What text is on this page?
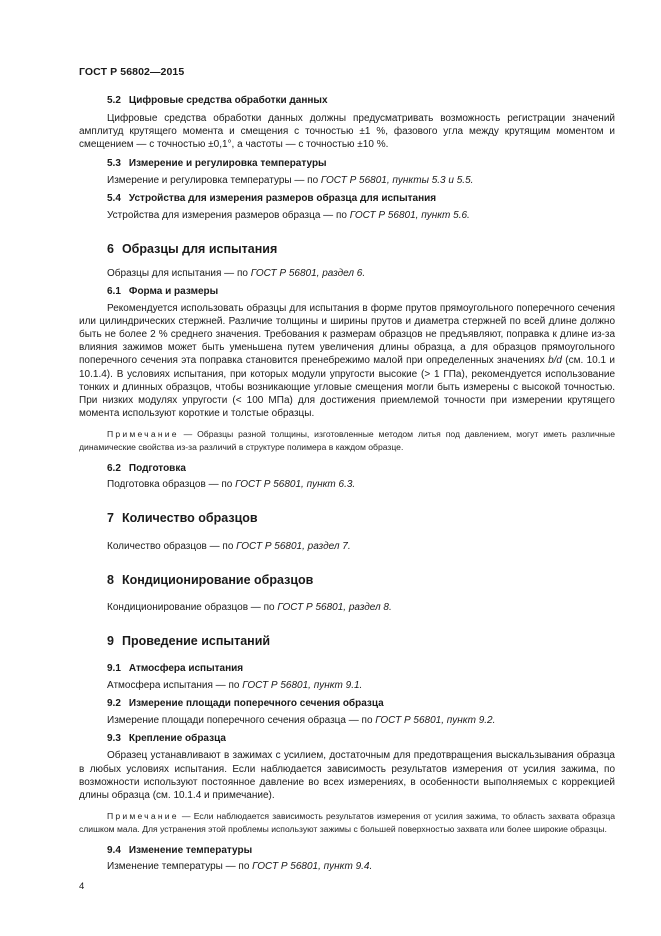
ГОСТ Р 56802—2015
5.2 Цифровые средства обработки данных

Цифровые средства обработки данных должны предусматривать возможность регистрации значений амплитуд крутящего момента и смещения с точностью ±1 %, фазового угла между крутящим моментом и смещением — с точностью ±0,1°, а частоты — с точностью ±10 %.

5.3 Измерение и регулировка температуры

Измерение и регулировка температуры — по ГОСТ Р 56801, пункты 5.3 и 5.5.

5.4 Устройства для измерения размеров образца для испытания

Устройства для измерения размеров образца — по ГОСТ Р 56801, пункт 5.6.

6 Образцы для испытания

Образцы для испытания — по ГОСТ Р 56801, раздел 6.

6.1 Форма и размеры

Рекомендуется использовать образцы для испытания в форме прутов прямоугольного поперечного сечения или цилиндрических стержней. Различие толщины и ширины прутов и диаметра стержней по всей длине должно быть не более 2 % среднего значения. Требования к размерам образцов не предъявляют, поправка к длине из-за влияния зажимов может быть уменьшена путем увеличения длины образца, а для образцов прямоугольного поперечного сечения эта поправка становится пренебрежимо малой при определенных значениях b/d (см. 10.1 и 10.1.4). В условиях испытания, при которых модули упругости высокие (> 1 ГПа), рекомендуется использование тонких и длинных образцов, чтобы возникающие угловые смещения могли быть измерены с высокой точностью. При низких модулях упругости (< 100 МПа) для достижения приемлемой точности при измерении крутящего момента используют короткие и толстые образцы.

Примечание — Образцы разной толщины, изготовленные методом литья под давлением, могут иметь различные динамические свойства из-за различий в структуре полимера в каждом образце.

6.2 Подготовка

Подготовка образцов — по ГОСТ Р 56801, пункт 6.3.

7 Количество образцов

Количество образцов — по ГОСТ Р 56801, раздел 7.

8 Кондиционирование образцов

Кондиционирование образцов — по ГОСТ Р 56801, раздел 8.

9 Проведение испытаний
9.1 Атмосфера испытания

Атмосфера испытания — по ГОСТ Р 56801, пункт 9.1.

9.2 Измерение площади поперечного сечения образца

Измерение площади поперечного сечения образца — по ГОСТ Р 56801, пункт 9.2.

9.3 Крепление образца

Образец устанавливают в зажимах с усилием, достаточным для предотвращения выскальзывания образца в любых условиях испытания. Если наблюдается зависимость результатов измерения от усилия зажима, по возможности используют постоянное давление во всех измерениях, в особенности выполняемых с коррекцией длины образца (см. 10.1.4 и примечание).

Примечание — Если наблюдается зависимость результатов измерения от усилия зажима, то область захвата образца слишком мала. Для устранения этой проблемы используют зажимы с большей поверхностью захвата или более широкие образцы.

9.4 Изменение температуры

Изменение температуры — по ГОСТ Р 56801, пункт 9.4.

4
